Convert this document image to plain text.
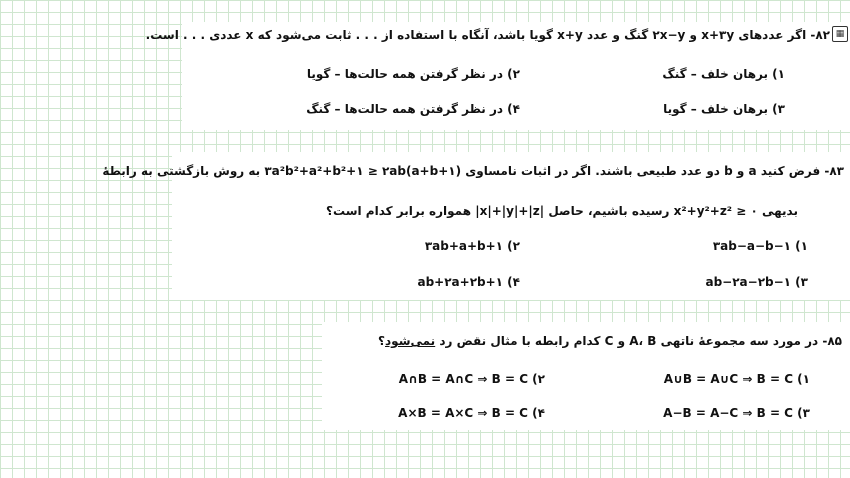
▦
۸۲- اگر عددهای x+۳y و ۲x−y گنگ و عدد x+y گویا باشد، آنگاه با استفاده از . . . ثابت می‌شود که x عددی . . . است.
۱) برهان خلف – گنگ
۲) در نظر گرفتن همه حالت‌ها – گویا
۳) برهان خلف – گویا
۴) در نظر گرفتن همه حالت‌ها – گنگ
۸۳- فرض کنید a و b دو عدد طبیعی باشند. اگر در اثبات نامساوی ۳a²b²+a²+b²+۱ ≥ ۲ab(a+b+۱) به روش بازگشتی به رابطهٔ
بدیهی x²+y²+z² ≥ ۰ رسیده باشیم، حاصل |x|+|y|+|z| همواره برابر کدام است؟
۱) ۳ab−a−b−۱
۲) ۳ab+a+b+۱
۳) ab−۲a−۲b−۱
۴) ab+۲a+۲b+۱
۸۵- در مورد سه مجموعهٔ ناتهی A، B و C کدام رابطه با مثال نقض رد نمی‌شود؟
۱) A∪B = A∪C ⇒ B = C
۲) A∩B = A∩C ⇒ B = C
۳) A−B = A−C ⇒ B = C
۴) A×B = A×C ⇒ B = C
